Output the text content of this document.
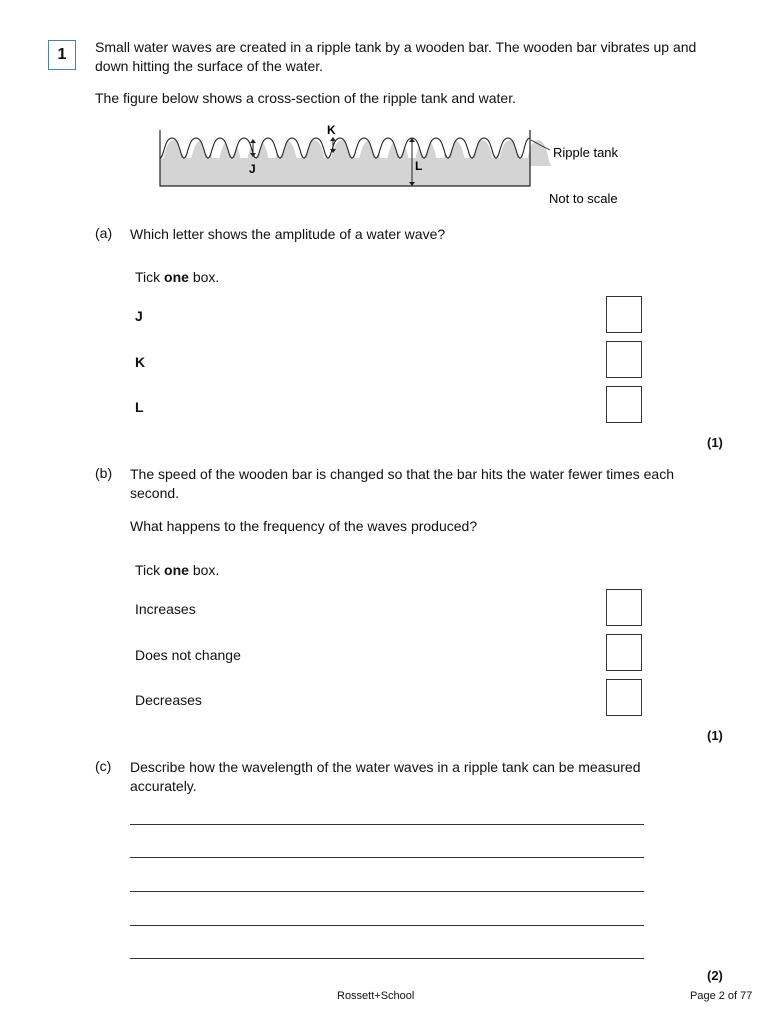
1	Small water waves are created in a ripple tank by a wooden bar. The wooden bar vibrates up and down hitting the surface of the water.
The figure below shows a cross-section of the ripple tank and water.
J
K
L
Ripple tank
Not to scale
(a) Which letter shows the amplitude of a water wave?
Tick one box.
J
K
L
(1)
(b) The speed of the wooden bar is changed so that the bar hits the water fewer times each second.
What happens to the frequency of the waves produced?
Tick one box.
Increases
Does not change
Decreases
(1)
(c) Describe how the wavelength of the water waves in a ripple tank can be measured accurately.
(2)
Rossett+School	Page 2 of 77
